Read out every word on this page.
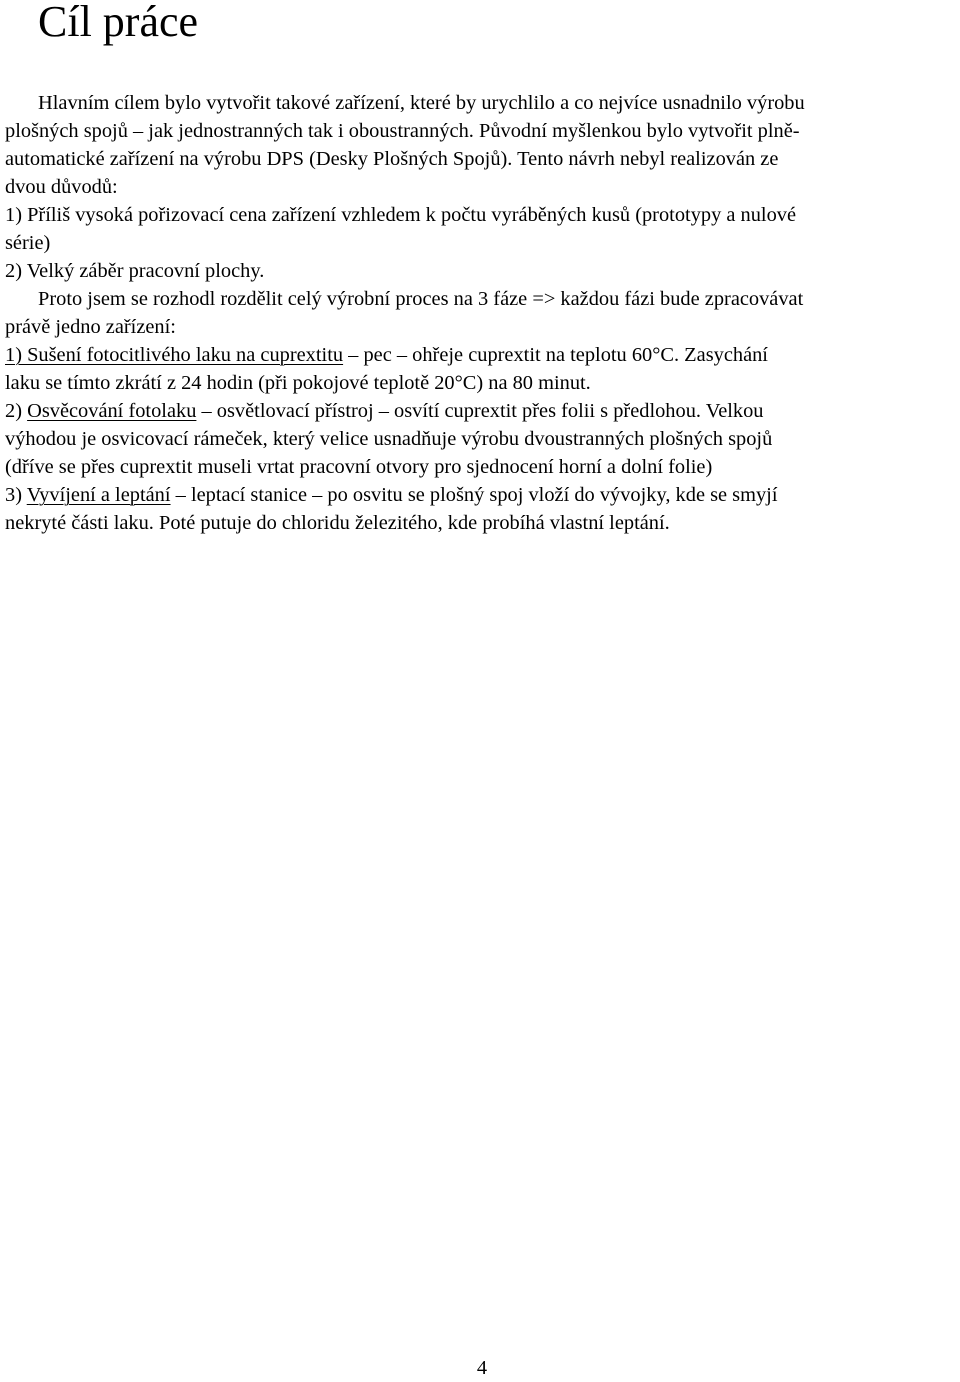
Cíl práce
Hlavním cílem bylo vytvořit takové zařízení, které by urychlilo a co nejvíce usnadnilo výrobu
plošných spojů – jak jednostranných tak i oboustranných. Původní myšlenkou bylo vytvořit plně-
automatické zařízení na výrobu DPS (Desky Plošných Spojů). Tento návrh nebyl realizován ze
dvou důvodů:
1) Příliš vysoká pořizovací cena zařízení vzhledem k počtu vyráběných kusů (prototypy a nulové
série)
2) Velký záběr pracovní plochy.
Proto jsem se rozhodl rozdělit celý výrobní proces na 3 fáze => každou fázi bude zpracovávat
právě jedno zařízení:
1) Sušení fotocitlivého laku na cuprextitu – pec – ohřeje cuprextit na teplotu 60°C. Zasychání
laku se tímto zkrátí z 24 hodin (při pokojové teplotě 20°C) na 80 minut.
2) Osvěcování fotolaku – osvětlovací přístroj – osvítí cuprextit přes folii s předlohou. Velkou
výhodou je osvicovací rámeček, který velice usnadňuje výrobu dvoustranných plošných spojů
(dříve se přes cuprextit museli vrtat pracovní otvory pro sjednocení horní a dolní folie)
3) Vyvíjení a leptání – leptací stanice – po osvitu se plošný spoj vloží do vývojky, kde se smyjí
nekryté části laku. Poté putuje do chloridu železitého, kde probíhá vlastní leptání.
4
